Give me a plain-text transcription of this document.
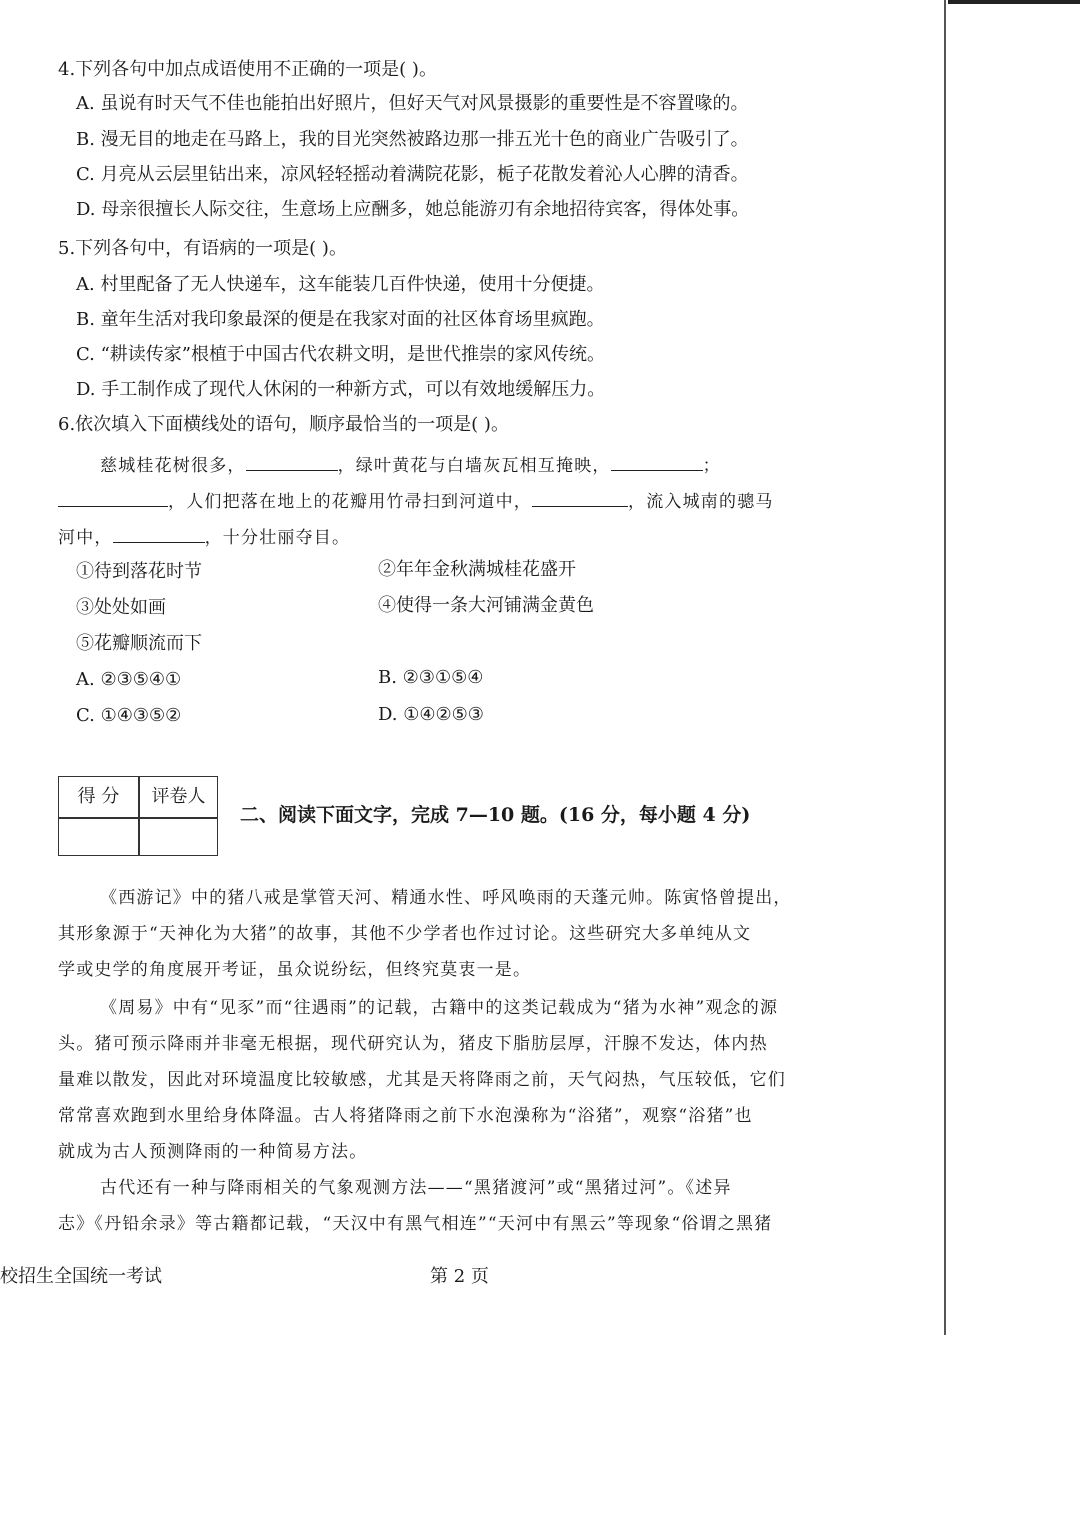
4.下列各句中加点成语使用不正确的一项是( )。
A. 虽说有时天气不佳也能拍出好照片，但好天气对风景摄影的重要性是不容置喙的。
B. 漫无目的地走在马路上，我的目光突然被路边那一排五光十色的商业广告吸引了。
C. 月亮从云层里钻出来，凉风轻轻摇动着满院花影，栀子花散发着沁人心脾的清香。
D. 母亲很擅长人际交往，生意场上应酬多，她总能游刃有余地招待宾客，得体处事。
5.下列各句中，有语病的一项是( )。
A. 村里配备了无人快递车，这车能装几百件快递，使用十分便捷。
B. 童年生活对我印象最深的便是在我家对面的社区体育场里疯跑。
C. “耕读传家”根植于中国古代农耕文明，是世代推崇的家风传统。
D. 手工制作成了现代人休闲的一种新方式，可以有效地缓解压力。
6.依次填入下面横线处的语句，顺序最恰当的一项是( )。
慈城桂花树很多，	，绿叶黄花与白墙灰瓦相互掩映，	；
，人们把落在地上的花瓣用竹帚扫到河道中，	，流入城南的骢马
河中，	，十分壮丽夺目。
①待到落花时节	②年年金秋满城桂花盛开
③处处如画	④使得一条大河铺满金黄色
⑤花瓣顺流而下
A. ②③⑤④①	B. ②③①⑤④
C. ①④③⑤②	D. ①④②⑤③
得 分	评卷人
二、阅读下面文字，完成 7—10 题。(16 分，每小题 4 分)
《西游记》中的猪八戒是掌管天河、精通水性、呼风唤雨的天蓬元帅。陈寅恪曾提出，
其形象源于“天神化为大猪”的故事，其他不少学者也作过讨论。这些研究大多单纯从文
学或史学的角度展开考证，虽众说纷纭，但终究莫衷一是。
《周易》中有“见豕”而“往遇雨”的记载，古籍中的这类记载成为“猪为水神”观念的源
头。猪可预示降雨并非毫无根据，现代研究认为，猪皮下脂肪层厚，汗腺不发达，体内热
量难以散发，因此对环境温度比较敏感，尤其是天将降雨之前，天气闷热，气压较低，它们
常常喜欢跑到水里给身体降温。古人将猪降雨之前下水泡澡称为“浴猪”，观察“浴猪”也
就成为古人预测降雨的一种简易方法。
古代还有一种与降雨相关的气象观测方法——“黑猪渡河”或“黑猪过河”。《述异
志》《丹铅余录》等古籍都记载，“天汉中有黑气相连”“天河中有黑云”等现象“俗谓之黑猪
校招生全国统一考试	第 2 页
